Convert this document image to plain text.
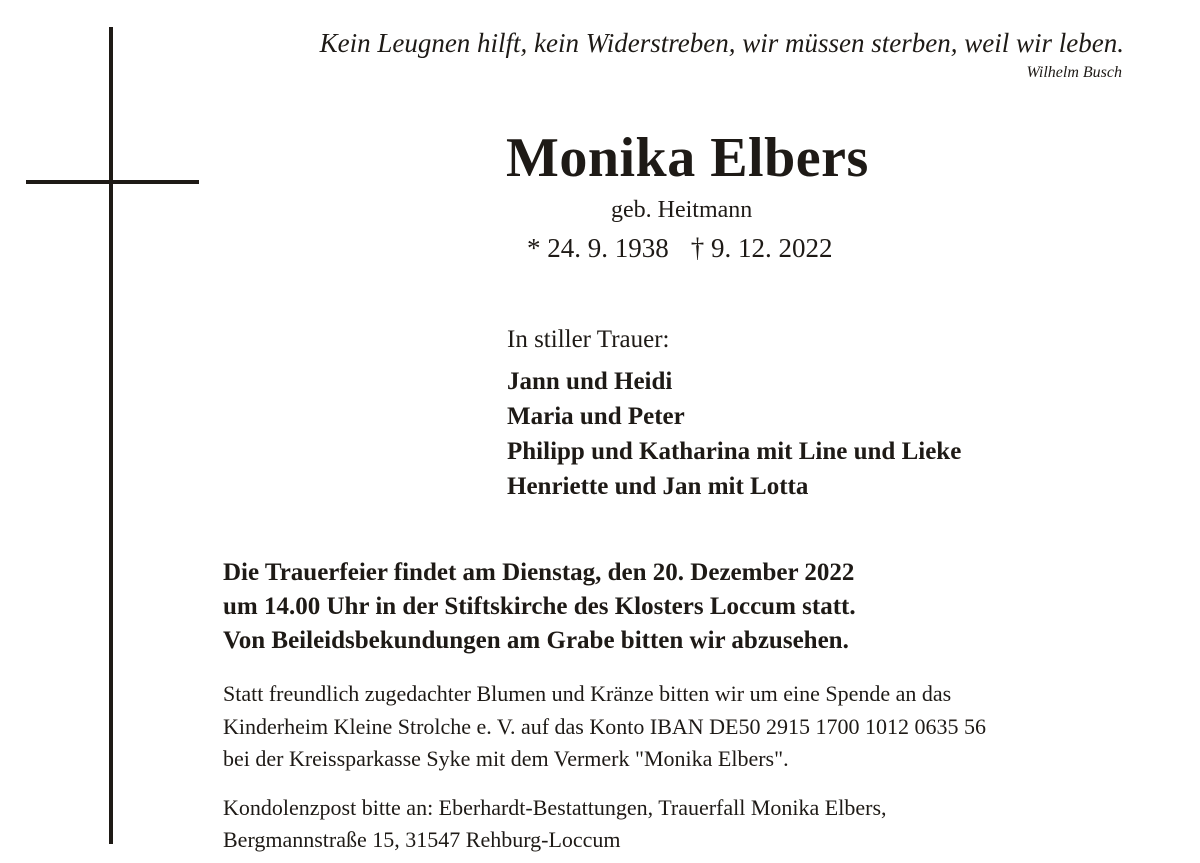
Kein Leugnen hilft, kein Widerstreben, wir müssen sterben, weil wir leben.
Wilhelm Busch
Monika Elbers
geb. Heitmann
* 24. 9. 1938 † 9. 12. 2022
In stiller Trauer:
Jann und Heidi
Maria und Peter
Philipp und Katharina mit Line und Lieke
Henriette und Jan mit Lotta
Die Trauerfeier findet am Dienstag, den 20. Dezember 2022
um 14.00 Uhr in der Stiftskirche des Klosters Loccum statt.
Von Beileidsbekundungen am Grabe bitten wir abzusehen.
Statt freundlich zugedachter Blumen und Kränze bitten wir um eine Spende an das
Kinderheim Kleine Strolche e. V. auf das Konto IBAN DE50 2915 1700 1012 0635 56
bei der Kreissparkasse Syke mit dem Vermerk "Monika Elbers".
Kondolenzpost bitte an: Eberhardt-Bestattungen, Trauerfall Monika Elbers,
Bergmannstraße 15, 31547 Rehburg-Loccum
